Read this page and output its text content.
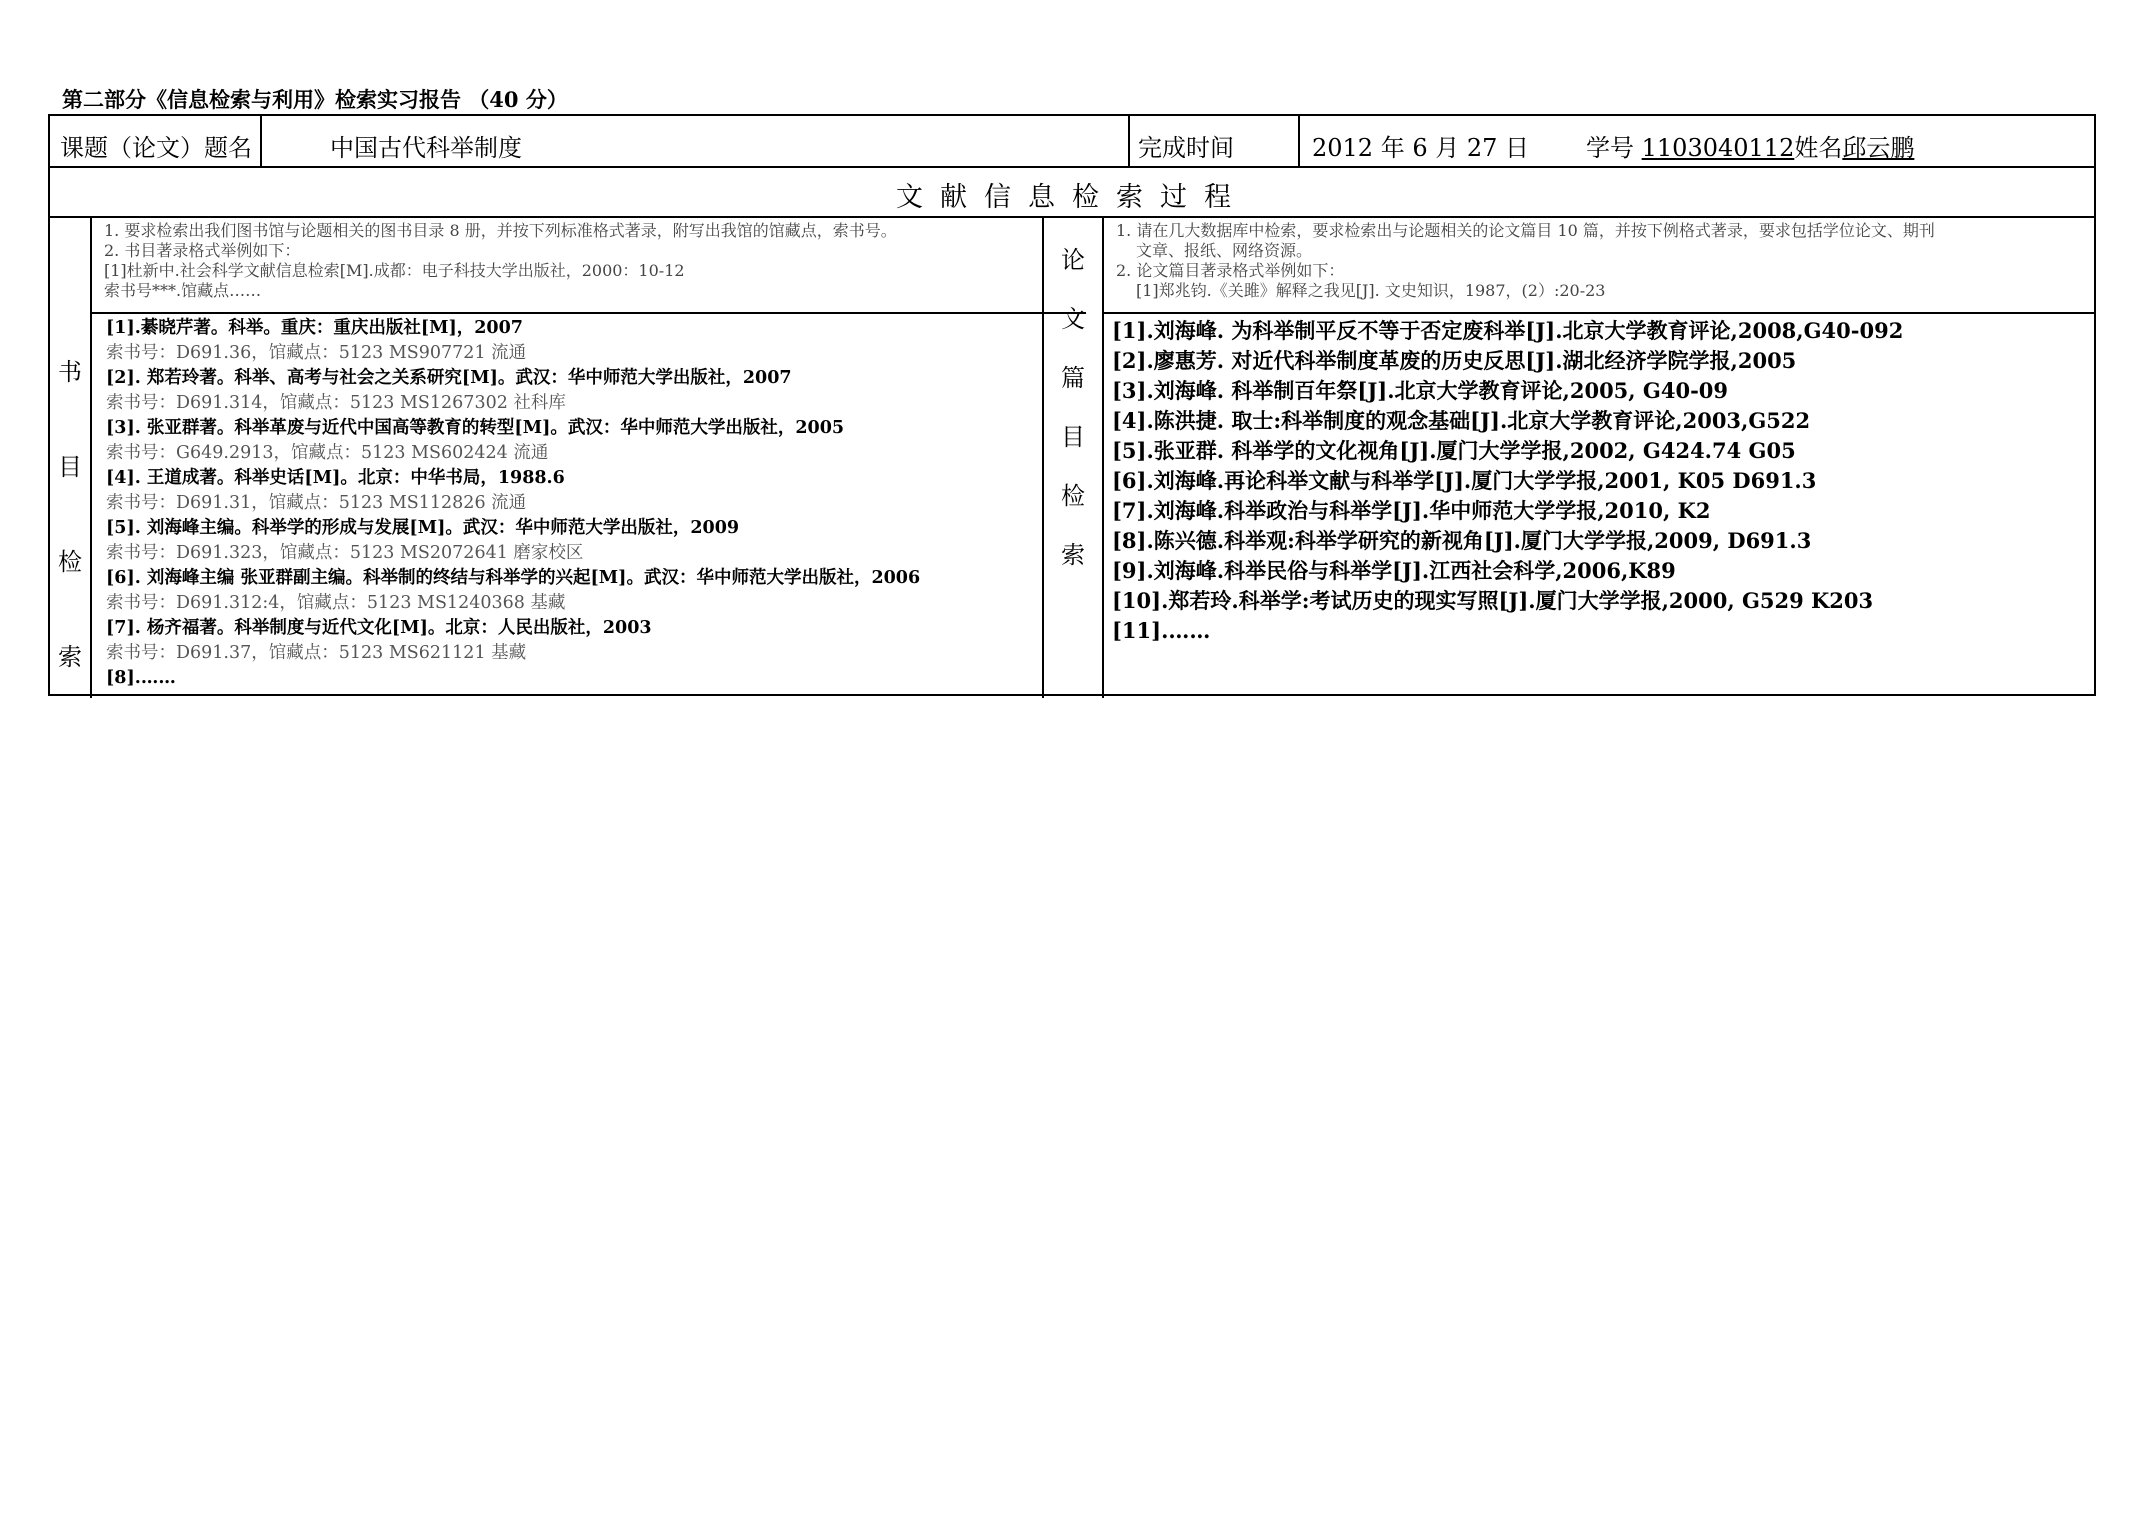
第二部分《信息检索与利用》检索实习报告 （40 分）
课题（论文）题名	中国古代科举制度	完成时间	2012 年 6 月 27 日 学号 1103040112姓名邱云鹏
文献信息检索过程
书
目
检
索
1. 要求检索出我们图书馆与论题相关的图书目录 8 册，并按下列标准格式著录，附写出我馆的馆藏点，索书号。
2. 书目著录格式举例如下：
[1]杜新中.社会科学文献信息检索[M].成都：电子科技大学出版社，2000：10-12
索书号***.馆藏点……
[1].綦晓芹著。科举。重庆：重庆出版社[M]，2007
索书号：D691.36，馆藏点：5123 MS907721 流通
[2]. 郑若玲著。科举、高考与社会之关系研究[M]。武汉：华中师范大学出版社，2007
索书号：D691.314，馆藏点：5123 MS1267302 社科库
[3]. 张亚群著。科举革废与近代中国高等教育的转型[M]。武汉：华中师范大学出版社，2005
索书号：G649.2913，馆藏点：5123 MS602424 流通
[4]. 王道成著。科举史话[M]。北京：中华书局，1988.6
索书号：D691.31，馆藏点：5123 MS112826 流通
[5]. 刘海峰主编。科举学的形成与发展[M]。武汉：华中师范大学出版社，2009
索书号：D691.323，馆藏点：5123 MS2072641 磨家校区
[6]. 刘海峰主编 张亚群副主编。科举制的终结与科举学的兴起[M]。武汉：华中师范大学出版社，2006
索书号：D691.312:4，馆藏点：5123 MS1240368 基藏
[7]. 杨齐福著。科举制度与近代文化[M]。北京：人民出版社，2003
索书号：D691.37，馆藏点：5123 MS621121 基藏
[8].……
论
文
篇
目
检
索
1. 请在几大数据库中检索，要求检索出与论题相关的论文篇目 10 篇，并按下例格式著录，要求包括学位论文、期刊
文章、报纸、网络资源。
2. 论文篇目著录格式举例如下：
[1]郑兆钧.《关雎》解释之我见[J]. 文史知识，1987，(2）:20-23
[1].刘海峰. 为科举制平反不等于否定废科举[J].北京大学教育评论,2008,G40-092
[2].廖惠芳. 对近代科举制度革废的历史反思[J].湖北经济学院学报,2005
[3].刘海峰. 科举制百年祭[J].北京大学教育评论,2005, G40-09
[4].陈洪捷. 取士:科举制度的观念基础[J].北京大学教育评论,2003,G522
[5].张亚群. 科举学的文化视角[J].厦门大学学报,2002, G424.74 G05
[6].刘海峰.再论科举文献与科举学[J].厦门大学学报,2001, K05 D691.3
[7].刘海峰.科举政治与科举学[J].华中师范大学学报,2010, K2
[8].陈兴德.科举观:科举学研究的新视角[J].厦门大学学报,2009, D691.3
[9].刘海峰.科举民俗与科举学[J].江西社会科学,2006,K89
[10].郑若玲.科举学:考试历史的现实写照[J].厦门大学学报,2000, G529 K203
[11].……
